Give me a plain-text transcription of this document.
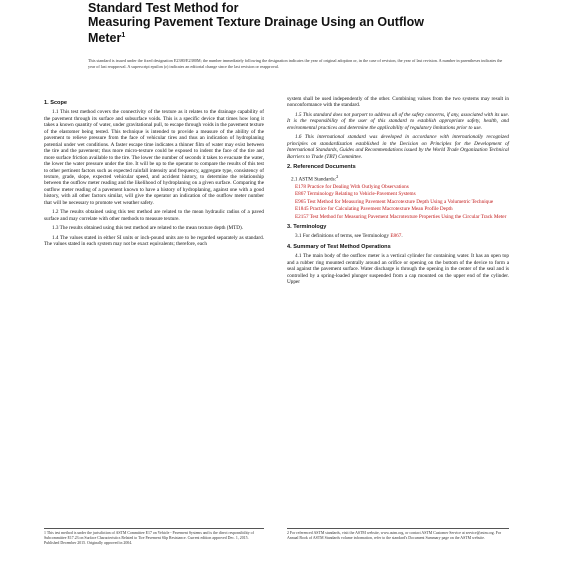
Standard Test Method for
Measuring Pavement Texture Drainage Using an Outflow
Meter$^1$
This standard is issued under the fixed designation E2380/E2380M; the number immediately following the designation indicates the year of original adoption or, in the case of revision, the year of last revision. A number in parentheses indicates the year of last reapproval. A superscript epsilon (ε) indicates an editorial change since the last revision or reapproval.
1. Scope
1.1 This test method covers the connectivity of the texture as it relates to the drainage capability of the pavement through its surface and subsurface voids. This is a specific device that times how long it takes a known quantity of water, under gravitational pull, to escape through voids in the pavement texture of the elastomer being tested. This technique is intended to provide a measure of the ability of the pavement to relieve pressure from the face of vehicular tires and thus an indication of hydroplaning potential under wet conditions. A faster escape time indicates a thinner film of water may exist between the tire and the pavement; thus more micro-texture could be exposed to indent the face of the tire and more surface friction available to the tire. The lower the number of seconds it takes to evacuate the water, the lower the water pressure under the tire. It will be up to the operator to compare the results of this test to other pertinent factors such as expected rainfall intensity and frequency, aggregate type, consistency of texture, grade, slope, expected vehicular speed, and accident history, to determine the relationship between the outflow meter reading and the likelihood of hydroplaning on a given surface. Comparing the outflow meter reading of a pavement known to have a history of hydroplaning, against one with a good history, with all other factors similar, will give the operator an indication of the outflow meter number that will be necessary to promote wet weather safety.
1.2 The results obtained using this test method are related to the mean hydraulic radius of a paved surface and may correlate with other methods to measure texture.
1.3 The results obtained using this test method are related to the mean texture depth (MTD).
1.4 The values stated in either SI units or inch-pound units are to be regarded separately as standard. The values stated in each system may not be exact equivalents; therefore, each
system shall be used independently of the other. Combining values from the two systems may result in nonconformance with the standard.
1.5 This standard does not purport to address all of the safety concerns, if any, associated with its use. It is the responsibility of the user of this standard to establish appropriate safety, health, and environmental practices and determine the applicability of regulatory limitations prior to use.
1.6 This international standard was developed in accordance with internationally recognized principles on standardization established in the Decision on Principles for the Development of International Standards, Guides and Recommendations issued by the World Trade Organization Technical Barriers to Trade (TBT) Committee.
2. Referenced Documents
2.1 ASTM Standards:$^2$
E178 Practice for Dealing With Outlying Observations
E867 Terminology Relating to Vehicle-Pavement Systems
E965 Test Method for Measuring Pavement Macrotexture Depth Using a Volumetric Technique
E1845 Practice for Calculating Pavement Macrotexture Mean Profile Depth
E2157 Test Method for Measuring Pavement Macrotexture Properties Using the Circular Track Meter
3. Terminology
3.1 For definitions of terms, see Terminology E867.
4. Summary of Test Method Operations
4.1 The main body of the outflow meter is a vertical cylinder for containing water. It has an open top and a rubber ring mounted centrally around an orifice or opening on the bottom of the device to form a seal against the pavement surface. Water discharge is through the opening in the center of the seal and is controlled by a spring-loaded plunger suspended from a cap mounted on the upper end of the cylinder. Upper
1 This test method is under the jurisdiction of ASTM Committee E17 on Vehicle - Pavement Systems and is the direct responsibility of Subcommittee E17.23 on Surface Characteristics Related to Tire Pavement Slip Resistance. Current edition approved Dec. 1, 2015. Published December 2015. Originally approved in 2004.
2 For referenced ASTM standards, visit the ASTM website, www.astm.org, or contact ASTM Customer Service at service@astm.org. For Annual Book of ASTM Standards volume information, refer to the standard's Document Summary page on the ASTM website.
